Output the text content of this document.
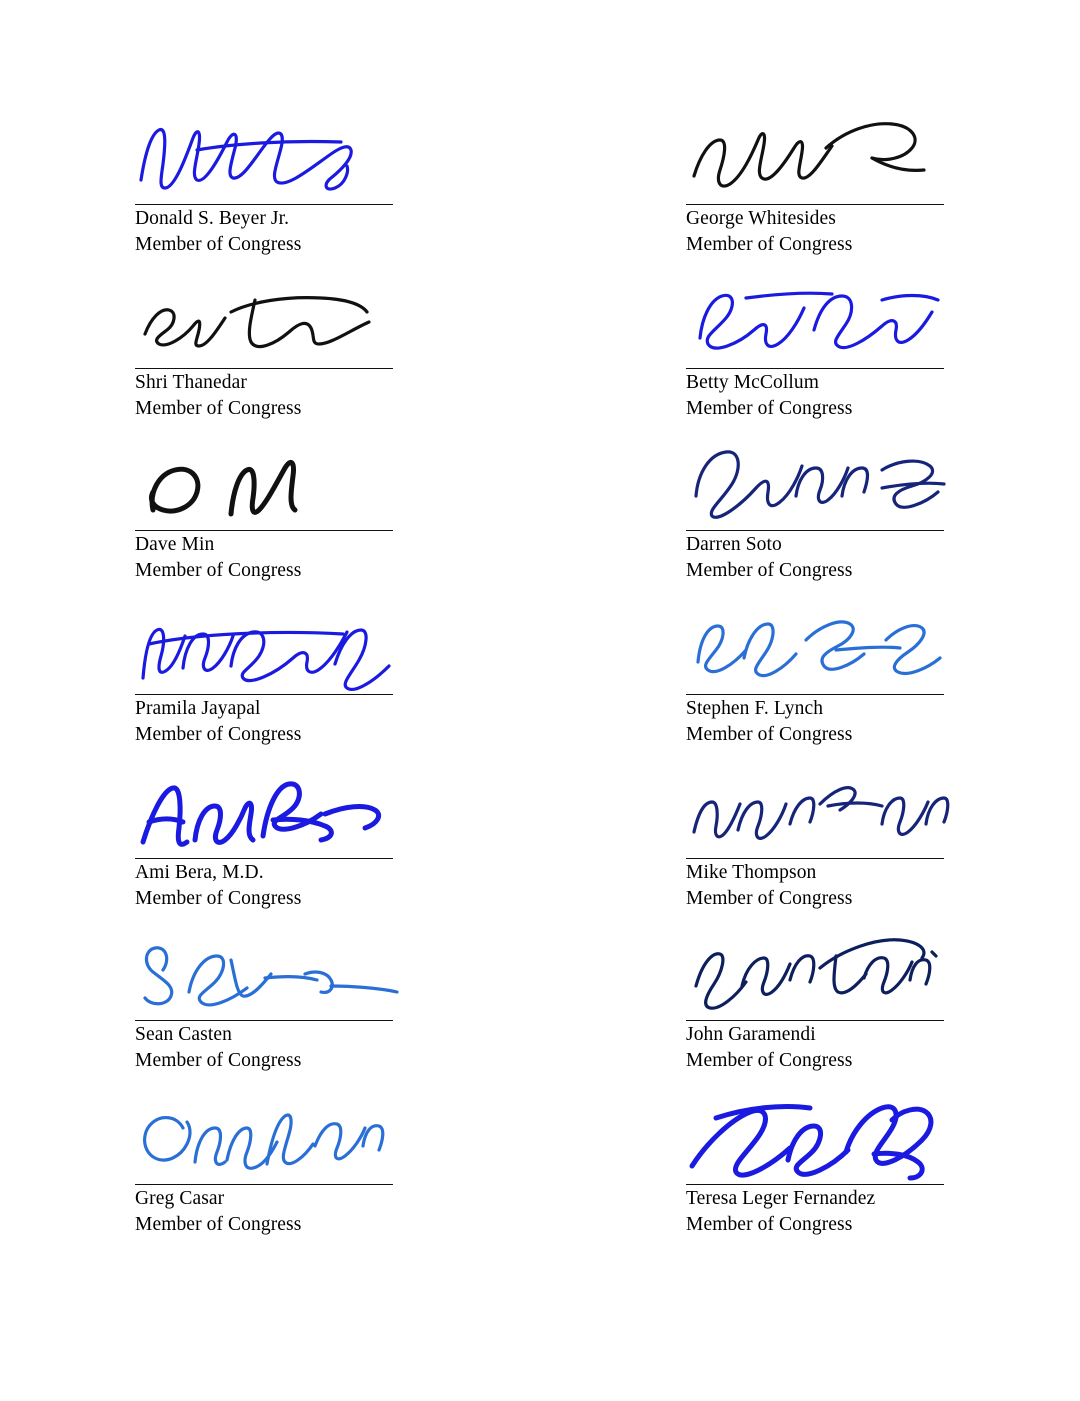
Donald S. Beyer Jr.
Member of Congress
George Whitesides
Member of Congress
Shri Thanedar
Member of Congress
Betty McCollum
Member of Congress
Dave Min
Member of Congress
Darren Soto
Member of Congress
Pramila Jayapal
Member of Congress
Stephen F. Lynch
Member of Congress
Ami Bera, M.D.
Member of Congress
Mike Thompson
Member of Congress
Sean Casten
Member of Congress
John Garamendi
Member of Congress
Greg Casar
Member of Congress
Teresa Leger Fernandez
Member of Congress
